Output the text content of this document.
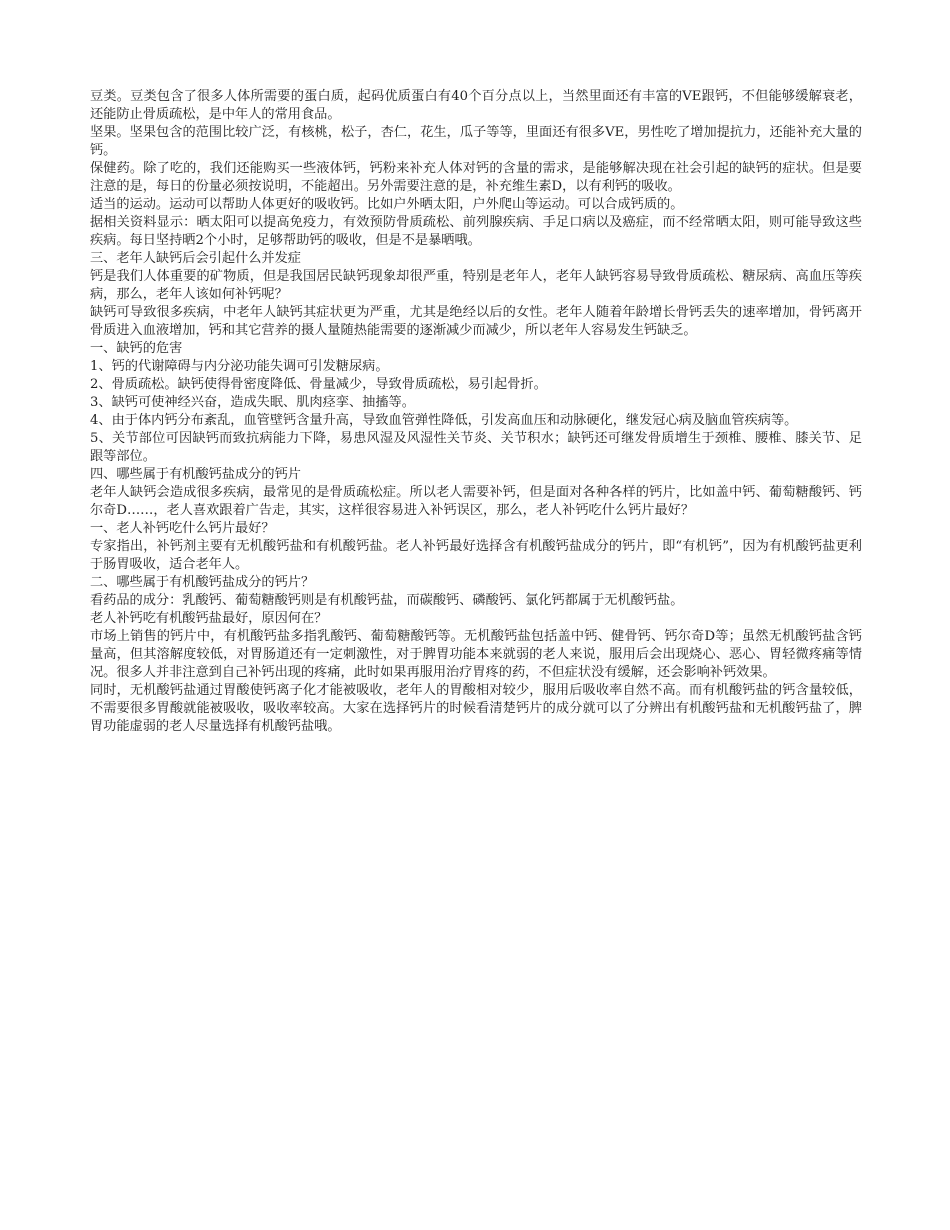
豆类。豆类包含了很多人体所需要的蛋白质，起码优质蛋白有40个百分点以上，当然里面还有丰富的VE跟钙，不但能够缓解衰老，还能防止骨质疏松，是中年人的常用食品。

坚果。坚果包含的范围比较广泛，有核桃，松子，杏仁，花生，瓜子等等，里面还有很多VE，男性吃了增加提抗力，还能补充大量的钙。

保健药。除了吃的，我们还能购买一些液体钙，钙粉来补充人体对钙的含量的需求，是能够解决现在社会引起的缺钙的症状。但是要注意的是，每日的份量必须按说明，不能超出。另外需要注意的是，补充维生素D，以有利钙的吸收。

适当的运动。运动可以帮助人体更好的吸收钙。比如户外晒太阳，户外爬山等运动。可以合成钙质的。

据相关资料显示：晒太阳可以提高免疫力，有效预防骨质疏松、前列腺疾病、手足口病以及癌症，而不经常晒太阳，则可能导致这些疾病。每日坚持晒2个小时，足够帮助钙的吸收，但是不是暴晒哦。

三、老年人缺钙后会引起什么并发症

钙是我们人体重要的矿物质，但是我国居民缺钙现象却很严重，特别是老年人，老年人缺钙容易导致骨质疏松、糖尿病、高血压等疾病，那么，老年人该如何补钙呢？

缺钙可导致很多疾病，中老年人缺钙其症状更为严重，尤其是绝经以后的女性。老年人随着年龄增长骨钙丢失的速率增加，骨钙离开骨质进入血液增加，钙和其它营养的摄人量随热能需要的逐渐减少而减少，所以老年人容易发生钙缺乏。

一、缺钙的危害

1、钙的代谢障碍与内分泌功能失调可引发糖尿病。

2、骨质疏松。缺钙使得骨密度降低、骨量减少，导致骨质疏松，易引起骨折。

3、缺钙可使神经兴奋，造成失眠、肌肉痉挛、抽搐等。

4、由于体内钙分布紊乱，血管壁钙含量升高，导致血管弹性降低，引发高血压和动脉硬化，继发冠心病及脑血管疾病等。

5、关节部位可因缺钙而致抗病能力下降，易患风湿及风湿性关节炎、关节积水；缺钙还可继发骨质增生于颈椎、腰椎、膝关节、足跟等部位。

四、哪些属于有机酸钙盐成分的钙片

老年人缺钙会造成很多疾病，最常见的是骨质疏松症。所以老人需要补钙，但是面对各种各样的钙片，比如盖中钙、葡萄糖酸钙、钙尔奇D……，老人喜欢跟着广告走，其实，这样很容易进入补钙误区，那么，老人补钙吃什么钙片最好？

一、老人补钙吃什么钙片最好？

专家指出，补钙剂主要有无机酸钙盐和有机酸钙盐。老人补钙最好选择含有机酸钙盐成分的钙片，即“有机钙”，因为有机酸钙盐更利于肠胃吸收，适合老年人。

二、哪些属于有机酸钙盐成分的钙片？

看药品的成分：乳酸钙、葡萄糖酸钙则是有机酸钙盐，而碳酸钙、磷酸钙、氯化钙都属于无机酸钙盐。

老人补钙吃有机酸钙盐最好，原因何在？

市场上销售的钙片中，有机酸钙盐多指乳酸钙、葡萄糖酸钙等。无机酸钙盐包括盖中钙、健骨钙、钙尔奇D等；虽然无机酸钙盐含钙量高，但其溶解度较低，对胃肠道还有一定刺激性，对于脾胃功能本来就弱的老人来说，服用后会出现烧心、恶心、胃轻微疼痛等情况。很多人并非注意到自己补钙出现的疼痛，此时如果再服用治疗胃疼的药，不但症状没有缓解，还会影响补钙效果。

同时，无机酸钙盐通过胃酸使钙离子化才能被吸收，老年人的胃酸相对较少，服用后吸收率自然不高。而有机酸钙盐的钙含量较低，不需要很多胃酸就能被吸收，吸收率较高。大家在选择钙片的时候看清楚钙片的成分就可以了分辨出有机酸钙盐和无机酸钙盐了，脾胃功能虚弱的老人尽量选择有机酸钙盐哦。
